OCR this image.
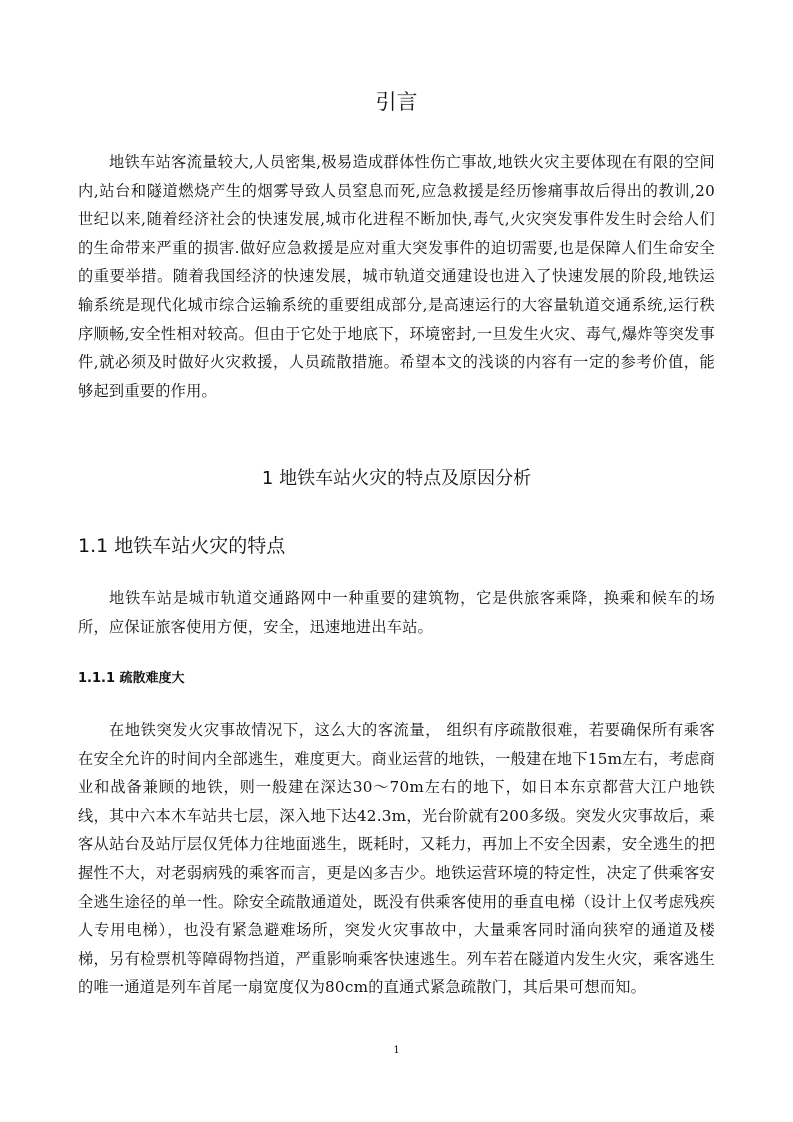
引言

地铁车站客流量较大,人员密集,极易造成群体性伤亡事故,地铁火灾主要体现在有限的空间内,站台和隧道燃烧产生的烟雾导致人员窒息而死,应急救援是经历惨痛事故后得出的教训,20世纪以来,随着经济社会的快速发展,城市化进程不断加快,毒气,火灾突发事件发生时会给人们的生命带来严重的损害.做好应急救援是应对重大突发事件的迫切需要,也是保障人们生命安全的重要举措。随着我国经济的快速发展，城市轨道交通建设也进入了快速发展的阶段,地铁运输系统是现代化城市综合运输系统的重要组成部分,是高速运行的大容量轨道交通系统,运行秩序顺畅,安全性相对较高。但由于它处于地底下，环境密封,一旦发生火灾、毒气,爆炸等突发事件,就必须及时做好火灾救援，人员疏散措施。希望本文的浅谈的内容有一定的参考价值，能够起到重要的作用。

1 地铁车站火灾的特点及原因分析
1.1 地铁车站火灾的特点

地铁车站是城市轨道交通路网中一种重要的建筑物，它是供旅客乘降，换乘和候车的场所，应保证旅客使用方便，安全，迅速地进出车站。

1.1.1 疏散难度大

在地铁突发火灾事故情况下，这么大的客流量， 组织有序疏散很难，若要确保所有乘客在安全允许的时间内全部逃生，难度更大。商业运营的地铁，一般建在地下15m左右，考虑商业和战备兼顾的地铁，则一般建在深达30～70m左右的地下，如日本东京都营大江户地铁线，其中六本木车站共七层，深入地下达42.3m，光台阶就有200多级。突发火灾事故后，乘客从站台及站厅层仅凭体力往地面逃生，既耗时，又耗力，再加上不安全因素，安全逃生的把握性不大，对老弱病残的乘客而言，更是凶多吉少。地铁运营环境的特定性，决定了供乘客安全逃生途径的单一性。除安全疏散通道处，既没有供乘客使用的垂直电梯（设计上仅考虑残疾人专用电梯），也没有紧急避难场所，突发火灾事故中，大量乘客同时涌向狭窄的通道及楼梯，另有检票机等障碍物挡道，严重影响乘客快速逃生。列车若在隧道内发生火灾，乘客逃生的唯一通道是列车首尾一扇宽度仅为80cm的直通式紧急疏散门，其后果可想而知。

1
